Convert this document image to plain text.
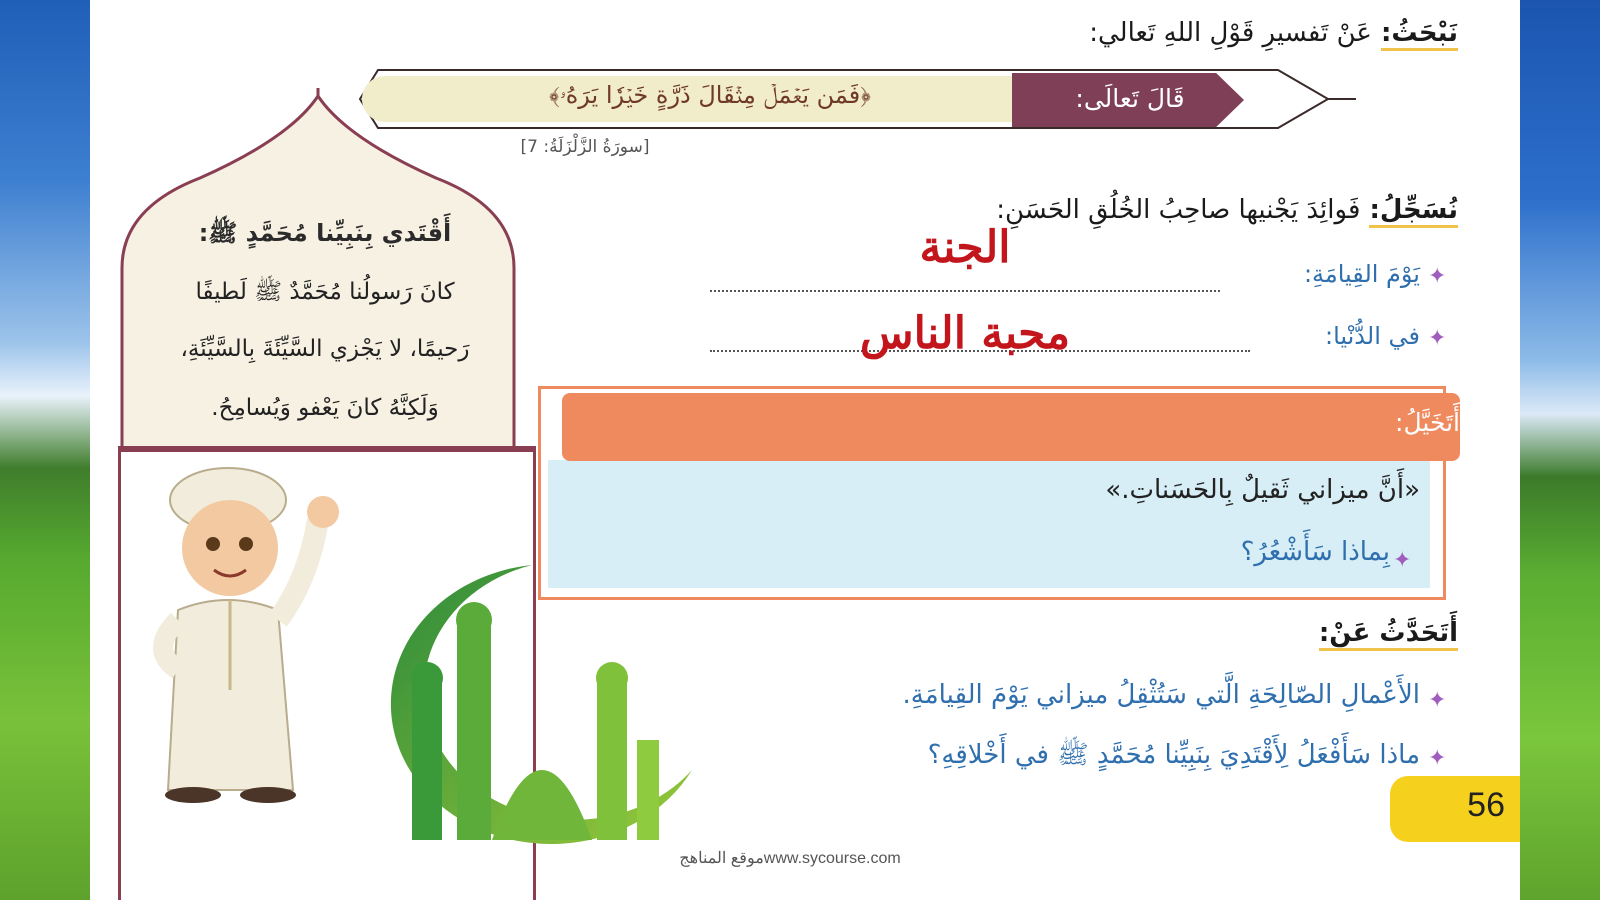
نَبْحَثُ: عَنْ تَفسيرِ قَوْلِ اللهِ تَعالي:
﴿فَمَن يَعۡمَلۡ مِثۡقَالَ ذَرَّةٍ خَيۡرٗا يَرَهُۥ﴾	قَالَ تَعالَى:
[سورَةُ الزَّلْزَلَةُ: 7]
أَقْتَدي بِنَبِيِّنا مُحَمَّدٍ ﷺ:
كانَ رَسولُنا مُحَمَّدٌ ﷺ لَطيفًا
رَحيمًا، لا يَجْزي السَّيِّئَةَ بِالسَّيِّئَةِ،
وَلَكِنَّهُ كانَ يَعْفو وَيُسامِحُ.
نُسَجِّلُ: فَوائِدَ يَجْنيها صاحِبُ الخُلُقِ الحَسَنِ:
✦
يَوْمَ القِيامَةِ:
الجنة
✦
في الدُّنْيا:
محبة الناس
أَتَخَيَّلُ:
«أَنَّ ميزاني ثَقيلٌ بِالحَسَناتِ.»
✦
بِماذا سَأَشْعُرُ؟
أَتَحَدَّثُ عَنْ:
✦
الأَعْمالِ الصّالِحَةِ الَّتي سَتُثْقِلُ ميزاني يَوْمَ القِيامَةِ.
✦
ماذا سَأَفْعَلُ لِأَقْتَدِيَ بِنَبِيِّنا مُحَمَّدٍ ﷺ في أَخْلاقِهِ؟
56
موقع المناهجwww.sycourse.com
